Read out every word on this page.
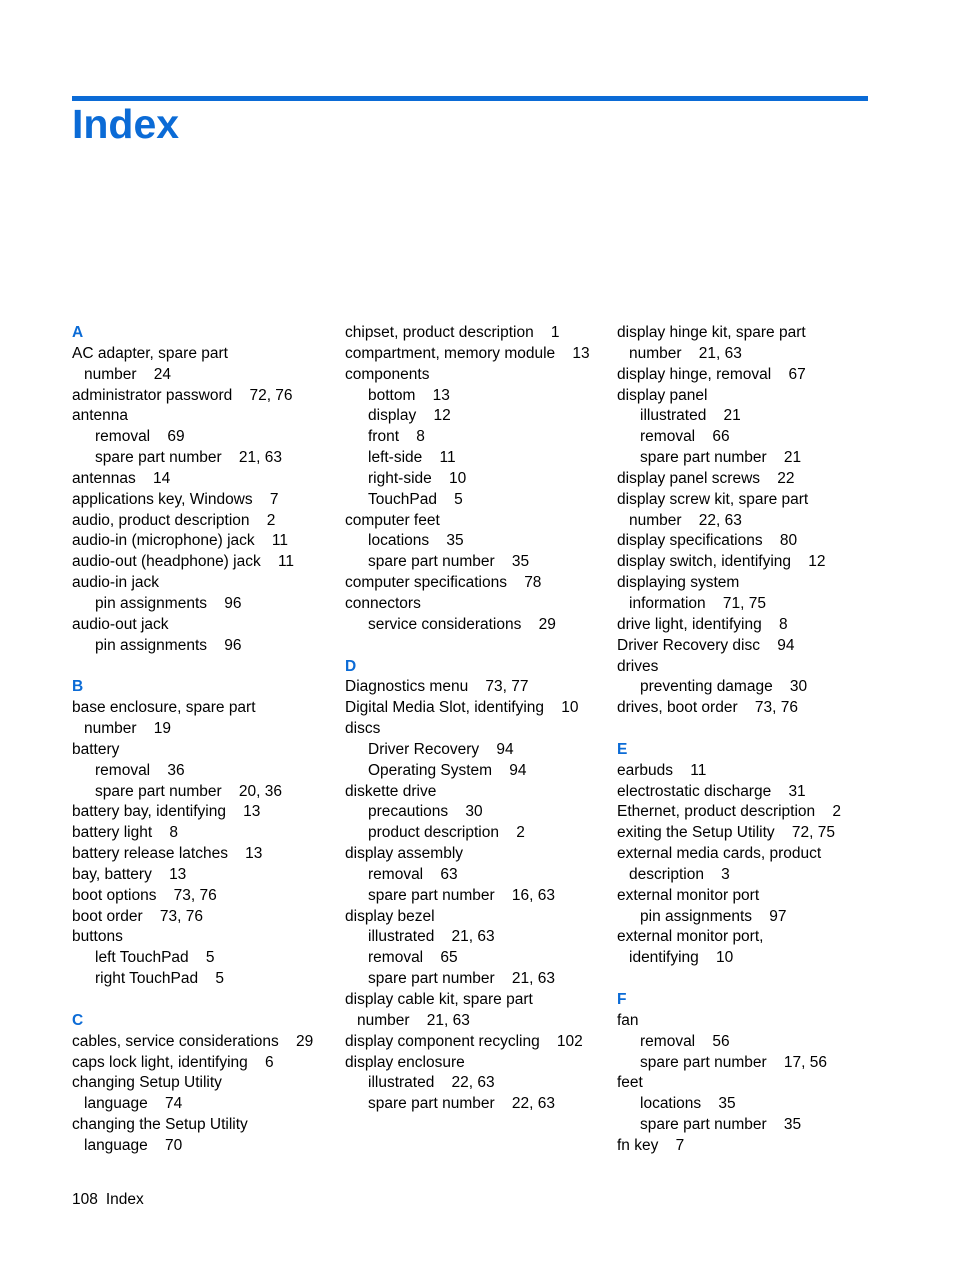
Index
A
AC adapter, spare part
number    24
administrator password    72, 76
antenna
removal    69
spare part number    21, 63
antennas    14
applications key, Windows    7
audio, product description    2
audio-in (microphone) jack    11
audio-out (headphone) jack    11
audio-in jack
pin assignments    96
audio-out jack
pin assignments    96
B
base enclosure, spare part
number    19
battery
removal    36
spare part number    20, 36
battery bay, identifying    13
battery light    8
battery release latches    13
bay, battery    13
boot options    73, 76
boot order    73, 76
buttons
left TouchPad    5
right TouchPad    5
C
cables, service considerations    29
caps lock light, identifying    6
changing Setup Utility
language    74
changing the Setup Utility
language    70
chipset, product description    1
compartment, memory module    13
components
bottom    13
display    12
front    8
left-side    11
right-side    10
TouchPad    5
computer feet
locations    35
spare part number    35
computer specifications    78
connectors
service considerations    29
D
Diagnostics menu    73, 77
Digital Media Slot, identifying    10
discs
Driver Recovery    94
Operating System    94
diskette drive
precautions    30
product description    2
display assembly
removal    63
spare part number    16, 63
display bezel
illustrated    21, 63
removal    65
spare part number    21, 63
display cable kit, spare part
number    21, 63
display component recycling    102
display enclosure
illustrated    22, 63
spare part number    22, 63
display hinge kit, spare part
number    21, 63
display hinge, removal    67
display panel
illustrated    21
removal    66
spare part number    21
display panel screws    22
display screw kit, spare part
number    22, 63
display specifications    80
display switch, identifying    12
displaying system
information    71, 75
drive light, identifying    8
Driver Recovery disc    94
drives
preventing damage    30
drives, boot order    73, 76
E
earbuds    11
electrostatic discharge    31
Ethernet, product description    2
exiting the Setup Utility    72, 75
external media cards, product
description    3
external monitor port
pin assignments    97
external monitor port,
identifying    10
F
fan
removal    56
spare part number    17, 56
feet
locations    35
spare part number    35
fn key    7
108 Index
